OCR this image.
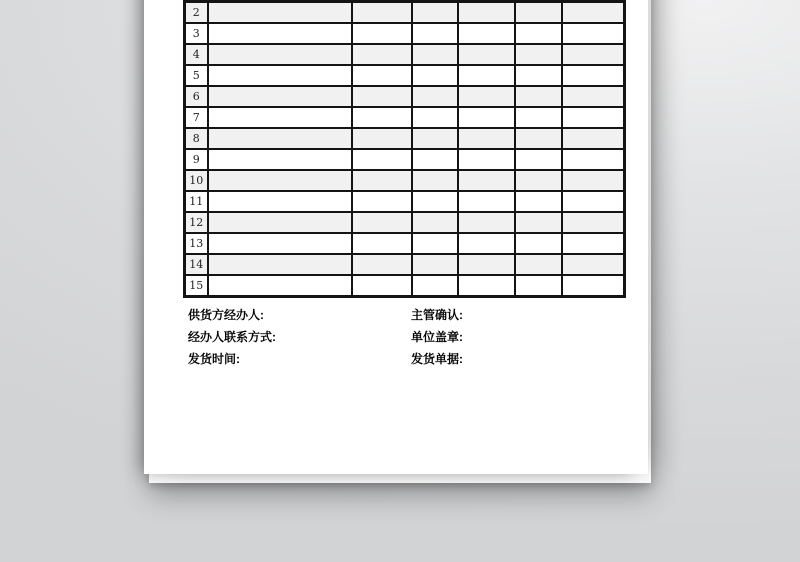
2						
3						
4						
5						
6						
7						
8						
9						
10						
11						
12						
13						
14						
15						
供货方经办人:
经办人联系方式:
发货时间:
主管确认:
单位盖章:
发货单据:
